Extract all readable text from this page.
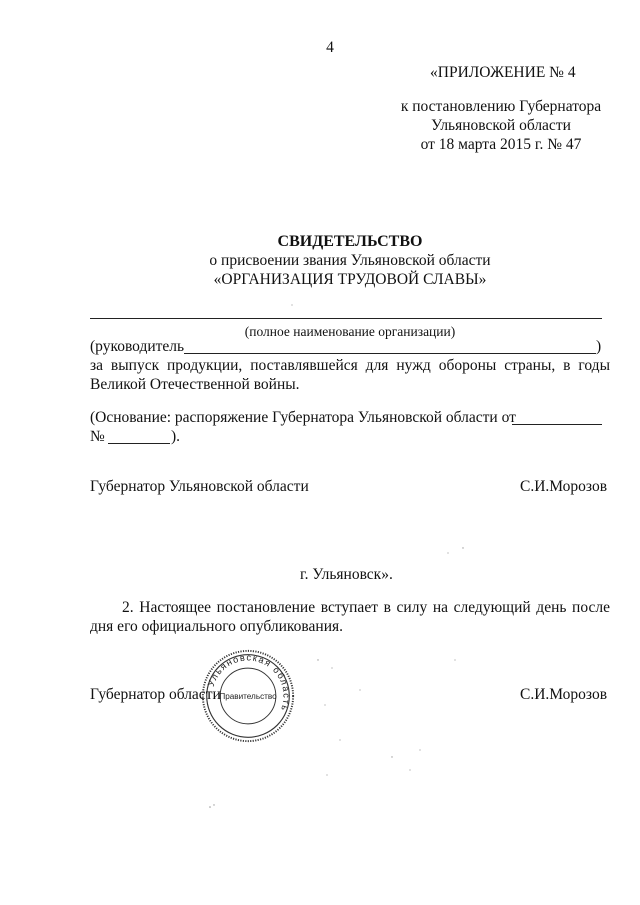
4
«ПРИЛОЖЕНИЕ № 4
к постановлению Губернатора
Ульяновской области
от 18 марта 2015 г. № 47
СВИДЕТЕЛЬСТВО
о присвоении звания Ульяновской области
«ОРГАНИЗАЦИЯ ТРУДОВОЙ СЛАВЫ»
(полное наименование организации)
(руководитель	)
за выпуск продукции, поставлявшейся для нужд обороны страны, в годы Великой Отечественной войны.
(Основание: распоряжение Губернатора Ульяновской области от
№	).
Губернатор Ульяновской области	С.И.Морозов
г. Ульяновск».
2. Настоящее постановление вступает в силу на следующий день после дня его официального опубликования.
Ульяновская область
Правительство
Губернатор области	С.И.Морозов
